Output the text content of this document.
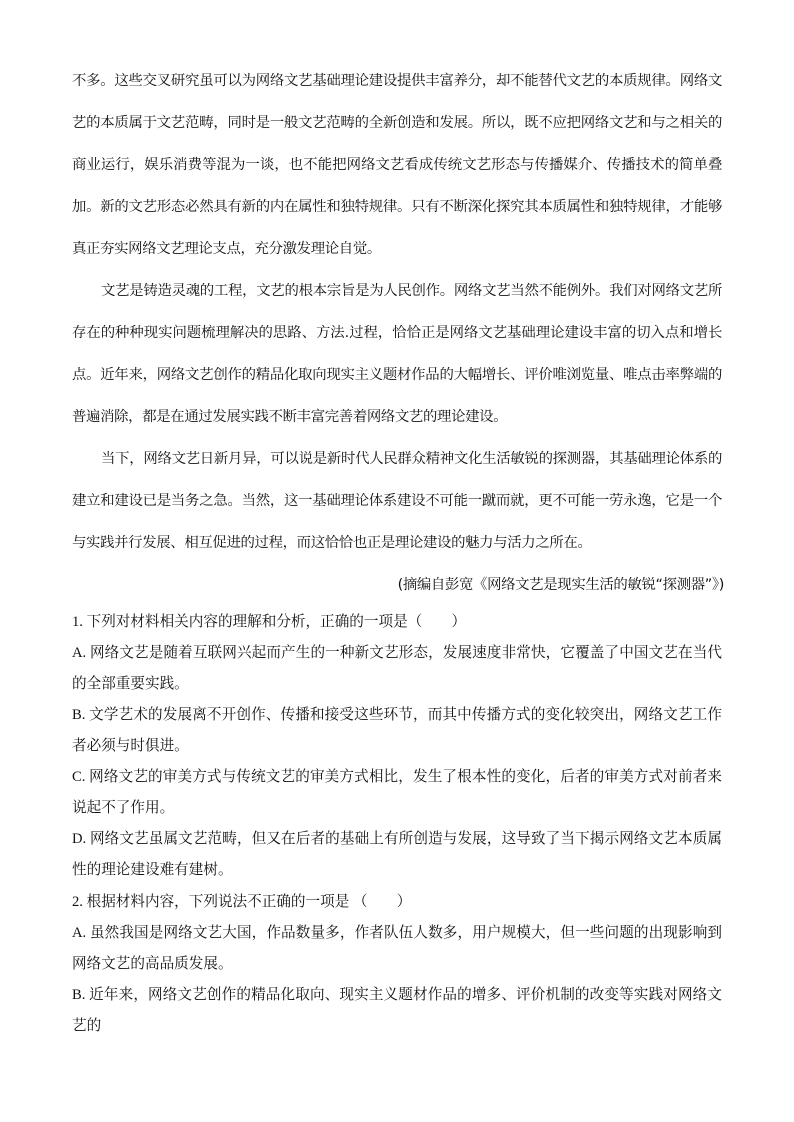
不多。这些交叉研究虽可以为网络文艺基础理论建设提供丰富养分，却不能替代文艺的本质规律。网络文艺的本质属于文艺范畴，同时是一般文艺范畴的全新创造和发展。所以，既不应把网络文艺和与之相关的商业运行，娱乐消费等混为一谈，也不能把网络文艺看成传统文艺形态与传播媒介、传播技术的简单叠加。新的文艺形态必然具有新的内在属性和独特规律。只有不断深化探究其本质属性和独特规律，才能够真正夯实网络文艺理论支点，充分激发理论自觉。

文艺是铸造灵魂的工程，文艺的根本宗旨是为人民创作。网络文艺当然不能例外。我们对网络文艺所存在的种种现实问题梳理解决的思路、方法.过程，恰恰正是网络文艺基础理论建设丰富的切入点和增长点。近年来，网络文艺创作的精品化取向现实主义题材作品的大幅增长、评价唯浏览量、唯点击率弊端的普遍消除，都是在通过发展实践不断丰富完善着网络文艺的理论建设。

当下，网络文艺日新月异，可以说是新时代人民群众精神文化生活敏锐的探测器，其基础理论体系的建立和建设已是当务之急。当然，这一基础理论体系建设不可能一蹴而就，更不可能一劳永逸，它是一个与实践并行发展、相互促进的过程，而这恰恰也正是理论建设的魅力与活力之所在。

(摘编自彭宽《网络文艺是现实生活的敏锐“探测器”》)

1. 下列对材料相关内容的理解和分析，正确的一项是（　　）

A. 网络文艺是随着互联网兴起而产生的一种新文艺形态，发展速度非常快，它覆盖了中国文艺在当代的全部重要实践。

B. 文学艺术的发展离不开创作、传播和接受这些环节，而其中传播方式的变化较突出，网络文艺工作者必须与时俱进。

C. 网络文艺的审美方式与传统文艺的审美方式相比，发生了根本性的变化，后者的审美方式对前者来说起不了作用。

D. 网络文艺虽属文艺范畴，但又在后者的基础上有所创造与发展，这导致了当下揭示网络文艺本质属性的理论建设难有建树。

2. 根据材料内容，下列说法不正确的一项是 （　　）

A. 虽然我国是网络文艺大国，作品数量多，作者队伍人数多，用户规模大，但一些问题的出现影响到网络文艺的高品质发展。

B. 近年来，网络文艺创作的精品化取向、现实主义题材作品的增多、评价机制的改变等实践对网络文艺的
